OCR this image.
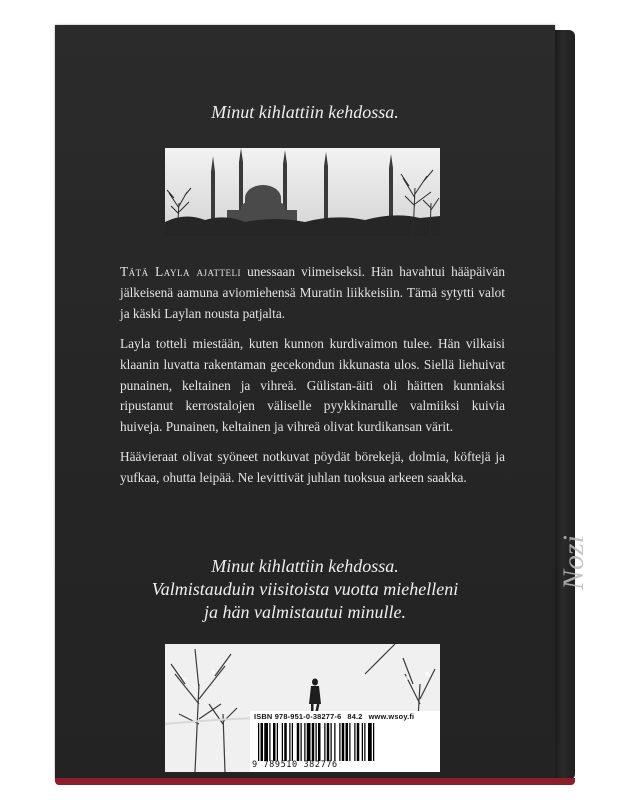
Nozi
Minut kihlattiin kehdossa.

Tätä Layla ajatteli unessaan viimeiseksi. Hän havahtui hääpäivän jälkeisenä aamuna aviomiehensä Muratin liikkeisiin. Tämä sytytti valot ja käski Laylan nousta patjalta.

Layla totteli miestään, kuten kunnon kurdivaimon tulee. Hän vilkaisi klaanin luvatta rakentaman gecekondun ikkunasta ulos. Siellä liehuivat punainen, keltainen ja vihreä. Gülistan-äiti oli häitten kunniaksi ripustanut kerrostalojen väliselle pyykkinarulle valmiiksi kuivia huiveja. Punainen, keltainen ja vihreä olivat kurdikansan värit.

Häävieraat olivat syöneet notkuvat pöydät börekejä, dolmia, köftejä ja yufkaa, ohutta leipää. Ne levittivät juhlan tuoksua arkeen saakka.

Minut kihlattiin kehdossa.
Valmistauduin viisitoista vuotta miehelleni
ja hän valmistautui minulle.
ISBN 978-951-0-38277-6 84.2 www.wsoy.fi
9 789510 382776
